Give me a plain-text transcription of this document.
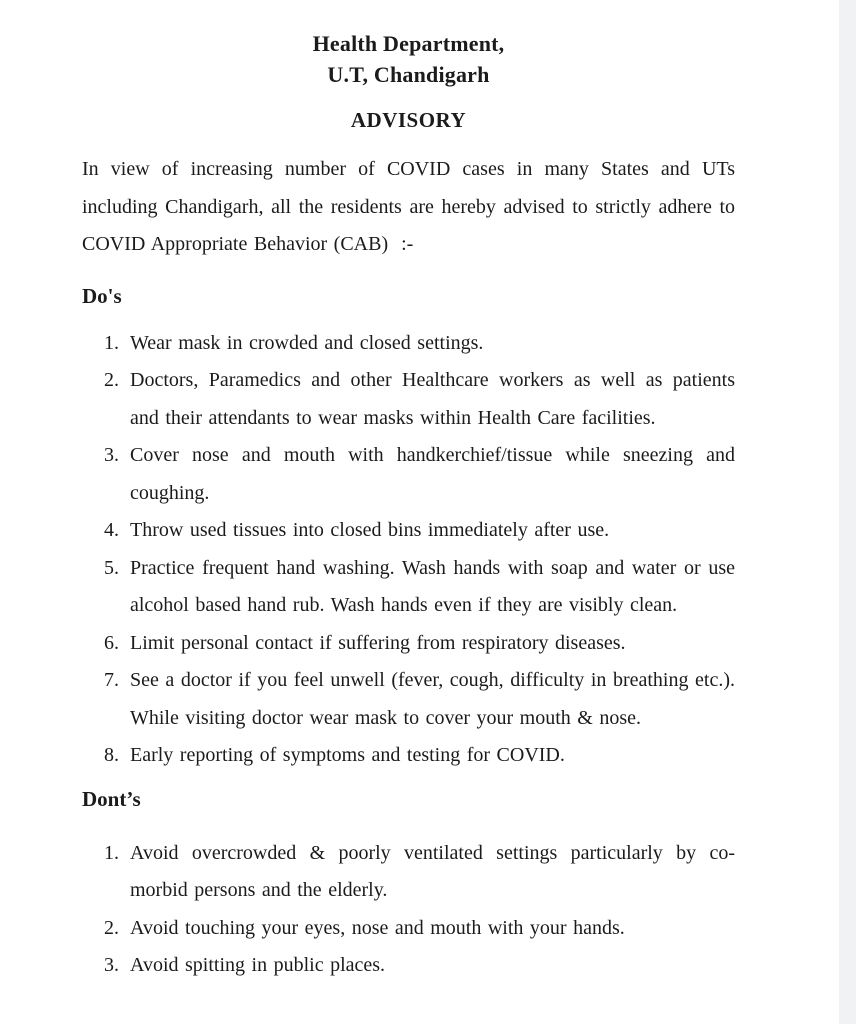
Health Department,
U.T, Chandigarh
ADVISORY

In view of increasing number of COVID cases in many States and UTs including Chandigarh, all the residents are hereby advised to strictly adhere to COVID Appropriate Behavior (CAB)  :-

Do's
1. Wear mask in crowded and closed settings.
2. Doctors, Paramedics and other Healthcare workers as well as patients and their attendants to wear masks within Health Care facilities.
3. Cover nose and mouth with handkerchief/tissue while sneezing and coughing.
4. Throw used tissues into closed bins immediately after use.
5. Practice frequent hand washing. Wash hands with soap and water or use alcohol based hand rub. Wash hands even if they are visibly clean.
6. Limit personal contact if suffering from respiratory diseases.
7. See a doctor if you feel unwell (fever, cough, difficulty in breathing etc.). While visiting doctor wear mask to cover your mouth & nose.
8. Early reporting of symptoms and testing for COVID.
Dont’s
1. Avoid overcrowded & poorly ventilated settings particularly by co-morbid persons and the elderly.
2. Avoid touching your eyes, nose and mouth with your hands.
3. Avoid spitting in public places.
